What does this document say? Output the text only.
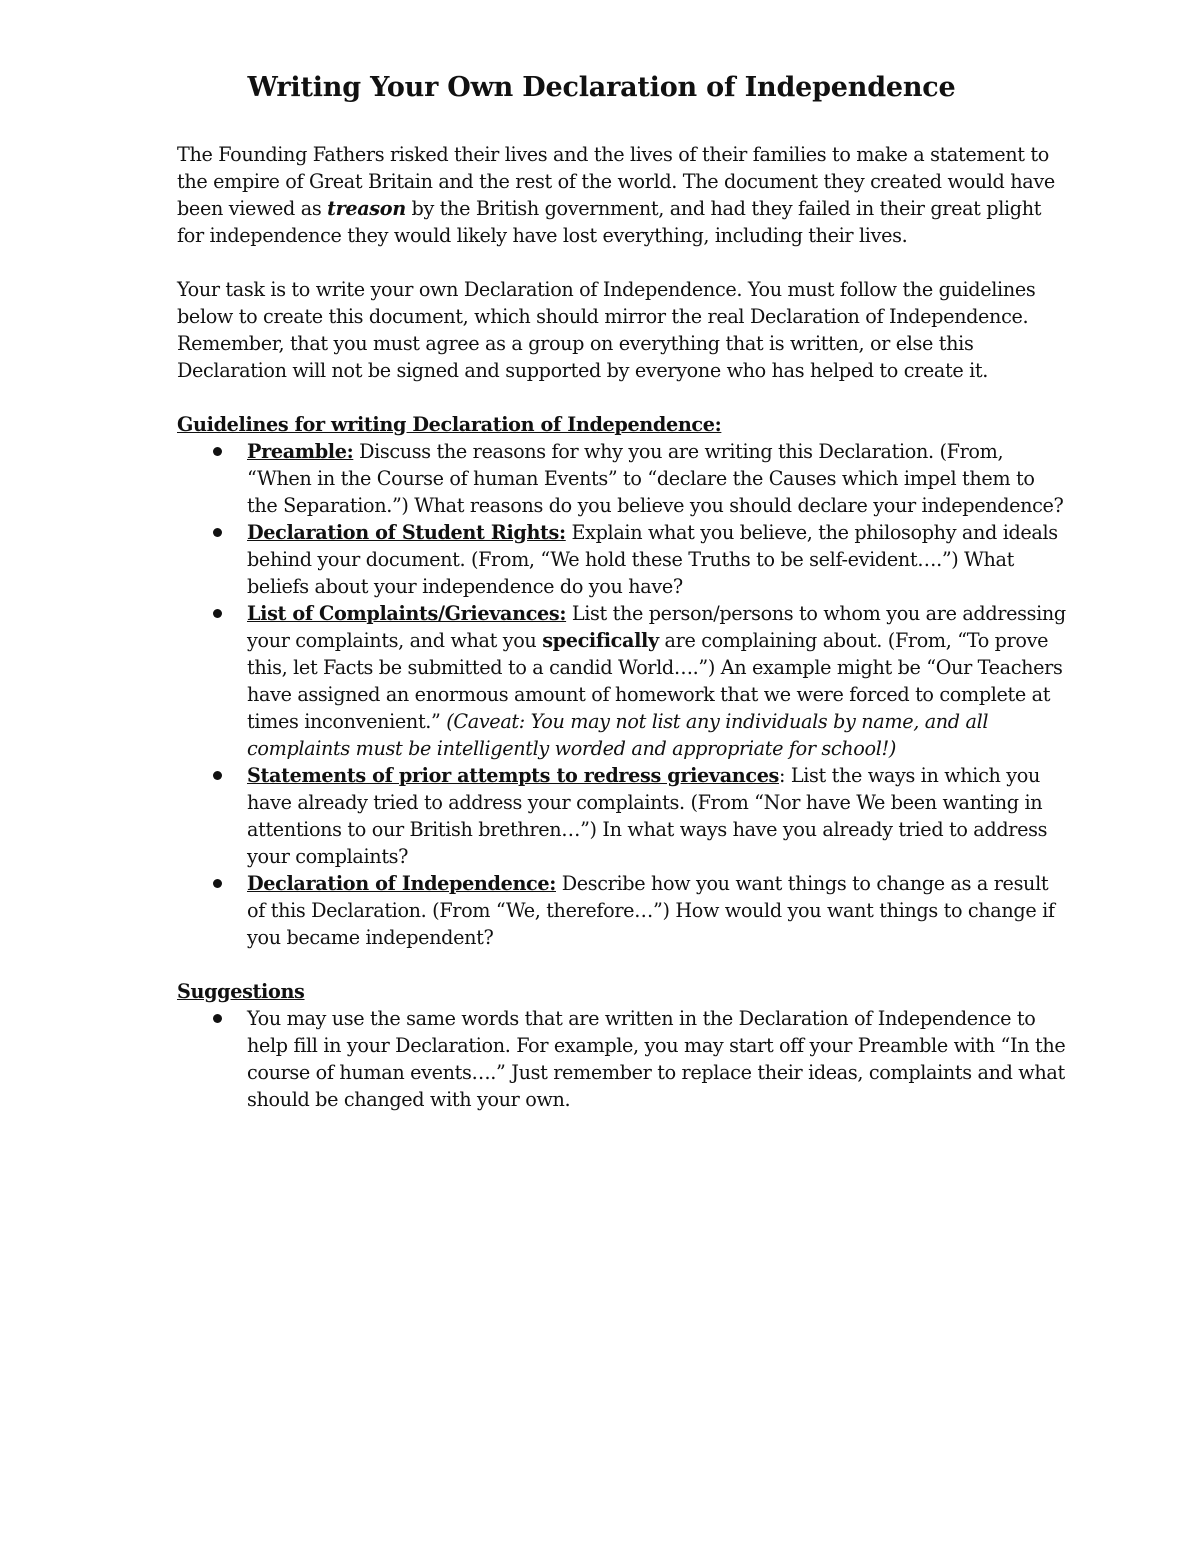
Writing Your Own Declaration of Independence

The Founding Fathers risked their lives and the lives of their families to make a statement to the empire of Great Britain and the rest of the world. The document they created would have been viewed as treason by the British government, and had they failed in their great plight for independence they would likely have lost everything, including their lives.

Your task is to write your own Declaration of Independence. You must follow the guidelines below to create this document, which should mirror the real Declaration of Independence. Remember, that you must agree as a group on everything that is written, or else this Declaration will not be signed and supported by everyone who has helped to create it.

Guidelines for writing Declaration of Independence:
Preamble: Discuss the reasons for why you are writing this Declaration. (From, “When in the Course of human Events” to “declare the Causes which impel them to the Separation.”) What reasons do you believe you should declare your independence?
Declaration of Student Rights: Explain what you believe, the philosophy and ideals behind your document. (From, “We hold these Truths to be self-evident….”) What beliefs about your independence do you have?
List of Complaints/Grievances: List the person/persons to whom you are addressing your complaints, and what you specifically are complaining about. (From, “To prove this, let Facts be submitted to a candid World….”) An example might be “Our Teachers have assigned an enormous amount of homework that we were forced to complete at times inconvenient.” (Caveat: You may not list any individuals by name, and all complaints must be intelligently worded and appropriate for school!)
Statements of prior attempts to redress grievances: List the ways in which you have already tried to address your complaints. (From “Nor have We been wanting in attentions to our British brethren…”) In what ways have you already tried to address your complaints?
Declaration of Independence: Describe how you want things to change as a result of this Declaration. (From “We, therefore…”) How would you want things to change if you became independent?
Suggestions
You may use the same words that are written in the Declaration of Independence to help fill in your Declaration. For example, you may start off your Preamble with “In the course of human events….” Just remember to replace their ideas, complaints and what should be changed with your own.
